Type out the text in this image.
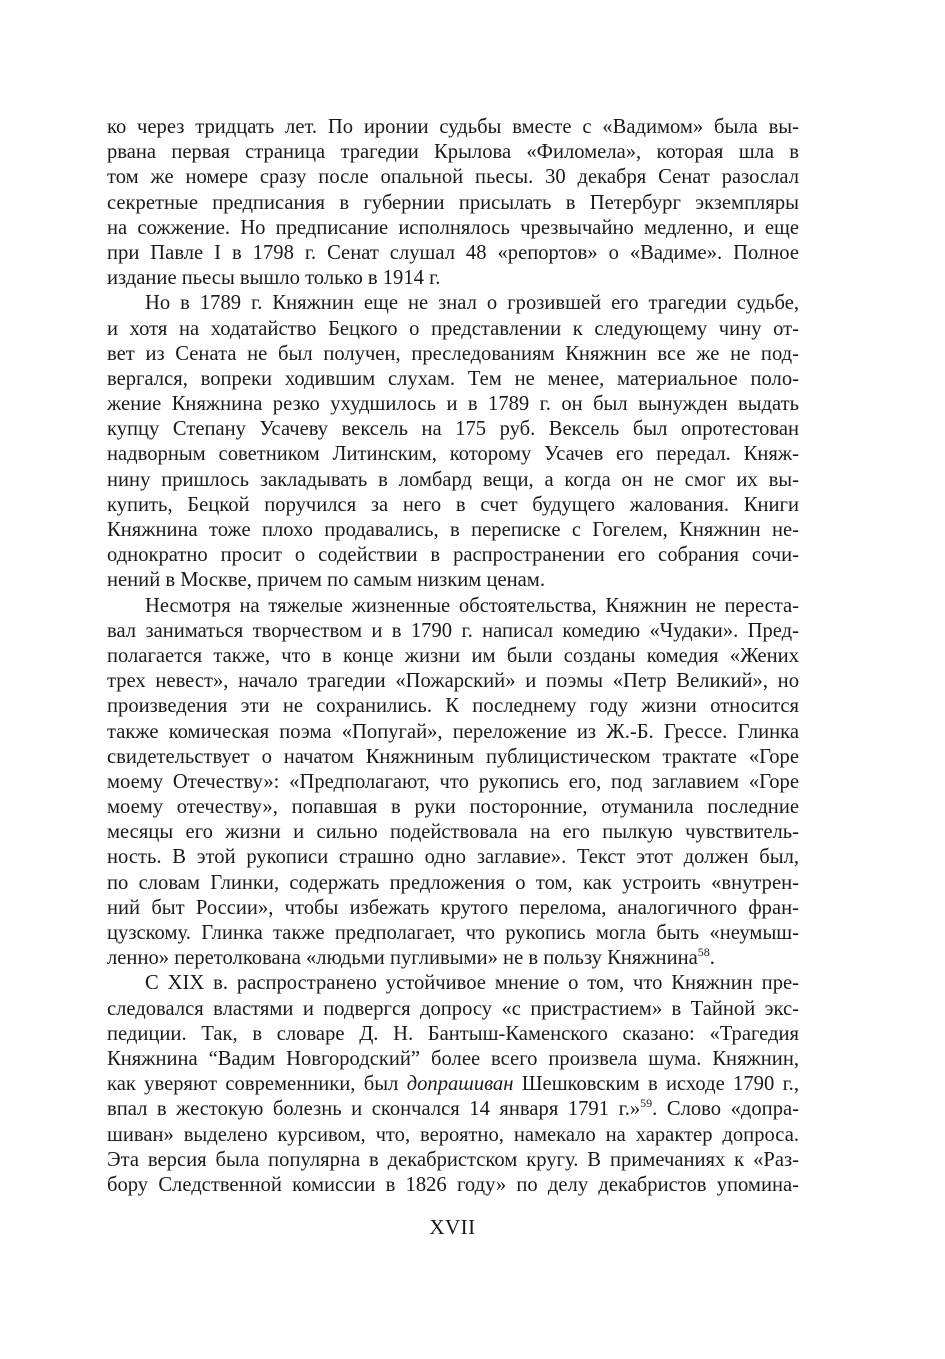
ко через тридцать лет. По иронии судьбы вместе с «Вадимом» была вы-
рвана первая страница трагедии Крылова «Филомела», которая шла в
том же номере сразу после опальной пьесы. 30 декабря Сенат разослал
секретные предписания в губернии присылать в Петербург экземпляры
на сожжение. Но предписание исполнялось чрезвычайно медленно, и еще
при Павле I в 1798 г. Сенат слушал 48 «репортов» о «Вадиме». Полное
издание пьесы вышло только в 1914 г.
Но в 1789 г. Княжнин еще не знал о грозившей его трагедии судьбе,
и хотя на ходатайство Бецкого о представлении к следующему чину от-
вет из Сената не был получен, преследованиям Княжнин все же не под-
вергался, вопреки ходившим слухам. Тем не менее, материальное поло-
жение Княжнина резко ухудшилось и в 1789 г. он был вынужден выдать
купцу Степану Усачеву вексель на 175 руб. Вексель был опротестован
надворным советником Литинским, которому Усачев его передал. Княж-
нину пришлось закладывать в ломбард вещи, а когда он не смог их вы-
купить, Бецкой поручился за него в счет будущего жалования. Книги
Княжнина тоже плохо продавались, в переписке с Гогелем, Княжнин не-
однократно просит о содействии в распространении его собрания сочи-
нений в Москве, причем по самым низким ценам.
Несмотря на тяжелые жизненные обстоятельства, Княжнин не переста-
вал заниматься творчеством и в 1790 г. написал комедию «Чудаки». Пред-
полагается также, что в конце жизни им были созданы комедия «Жених
трех невест», начало трагедии «Пожарский» и поэмы «Петр Великий», но
произведения эти не сохранились. К последнему году жизни относится
также комическая поэма «Попугай», переложение из Ж.-Б. Грессе. Глинка
свидетельствует о начатом Княжниным публицистическом трактате «Горе
моему Отечеству»: «Предполагают, что рукопись его, под заглавием «Горе
моему отечеству», попавшая в руки посторонние, отуманила последние
месяцы его жизни и сильно подействовала на его пылкую чувствитель-
ность. В этой рукописи страшно одно заглавие». Текст этот должен был,
по словам Глинки, содержать предложения о том, как устроить «внутрен-
ний быт России», чтобы избежать крутого перелома, аналогичного фран-
цузскому. Глинка также предполагает, что рукопись могла быть «неумыш-
ленно» перетолкована «людьми пугливыми» не в пользу Княжнина$^{58}$.
С XIX в. распространено устойчивое мнение о том, что Княжнин пре-
следовался властями и подвергся допросу «с пристрастием» в Тайной экс-
педиции. Так, в словаре Д. Н. Бантыш-Каменского сказано: «Трагедия
Княжнина “Вадим Новгородский” более всего произвела шума. Княжнин,
как уверяют современники, был допрашиван Шешковским в исходе 1790 г.,
впал в жестокую болезнь и скончался 14 января 1791 г.»$^{59}$. Слово «допра-
шиван» выделено курсивом, что, вероятно, намекало на характер допроса.
Эта версия была популярна в декабристском кругу. В примечаниях к «Раз-
бору Следственной комиссии в 1826 году» по делу декабристов упомина-
XVII
